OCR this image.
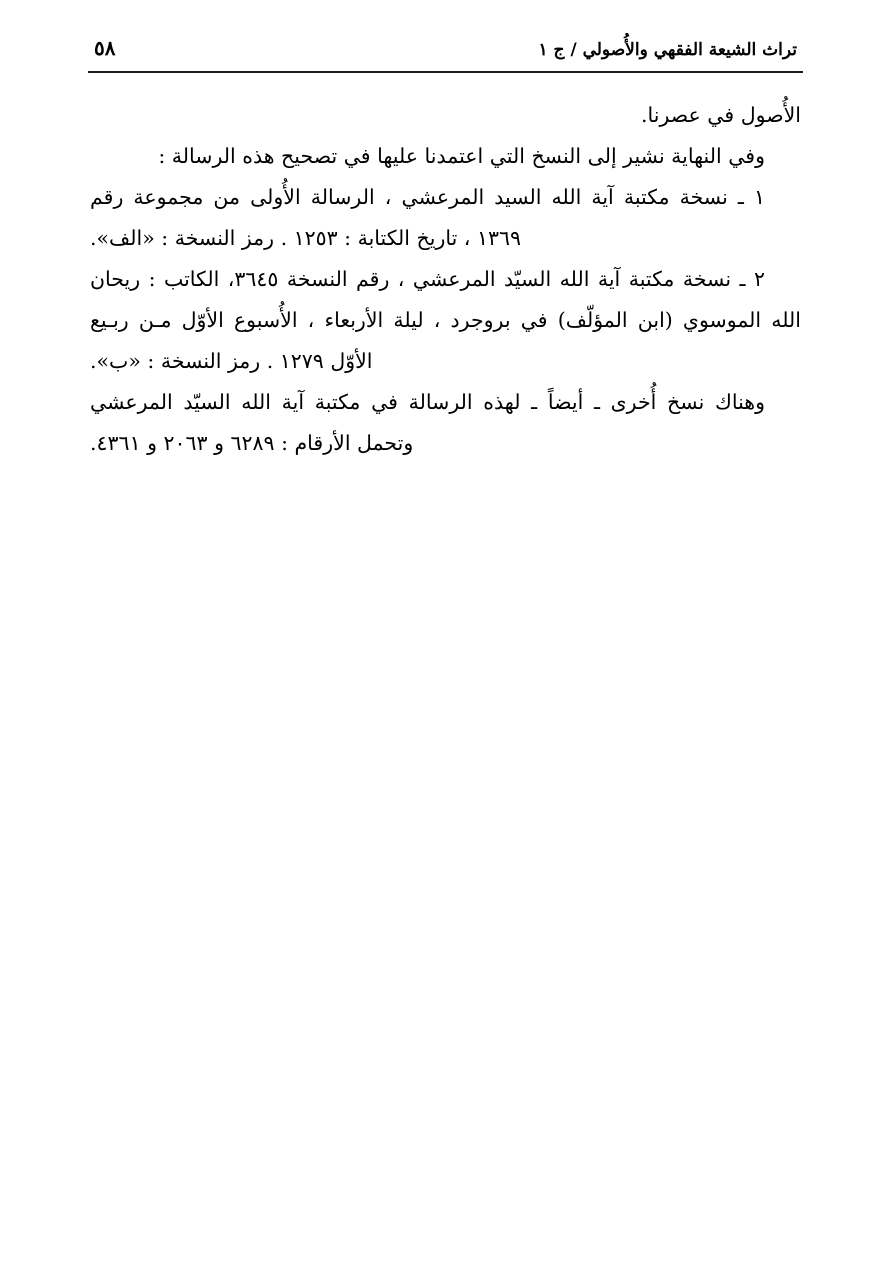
٥٨	تراث الشيعة الفقهي والأُصولي / ج ١

الأُصول في عصرنا.

وفي النهاية نشير إلى النسخ التي اعتمدنا عليها في تصحيح هذه الرسالة :

١ ـ نسخة مكتبة آية الله السيد المرعشي ، الرسالة الأُولى من مجموعة رقم ١٣٦٩ ، تاريخ الكتابة : ١٢٥٣ . رمز النسخة : «الف».

٢ ـ نسخة مكتبة آية الله السيّد المرعشي ، رقم النسخة ٣٦٤٥، الكاتب : ريحان الله الموسوي (ابن المؤلّف) في بروجرد ، ليلة الأربعاء ، الأُسبوع الأوّل مـن ربـيع الأوّل ١٢٧٩ . رمز النسخة : «ب».

وهناك نسخ أُخرى ـ أيضاً ـ لهذه الرسالة في مكتبة آية الله السيّد المرعشي وتحمل الأرقام : ٦٢٨٩ و ٢٠٦٣ و ٤٣٦١.
